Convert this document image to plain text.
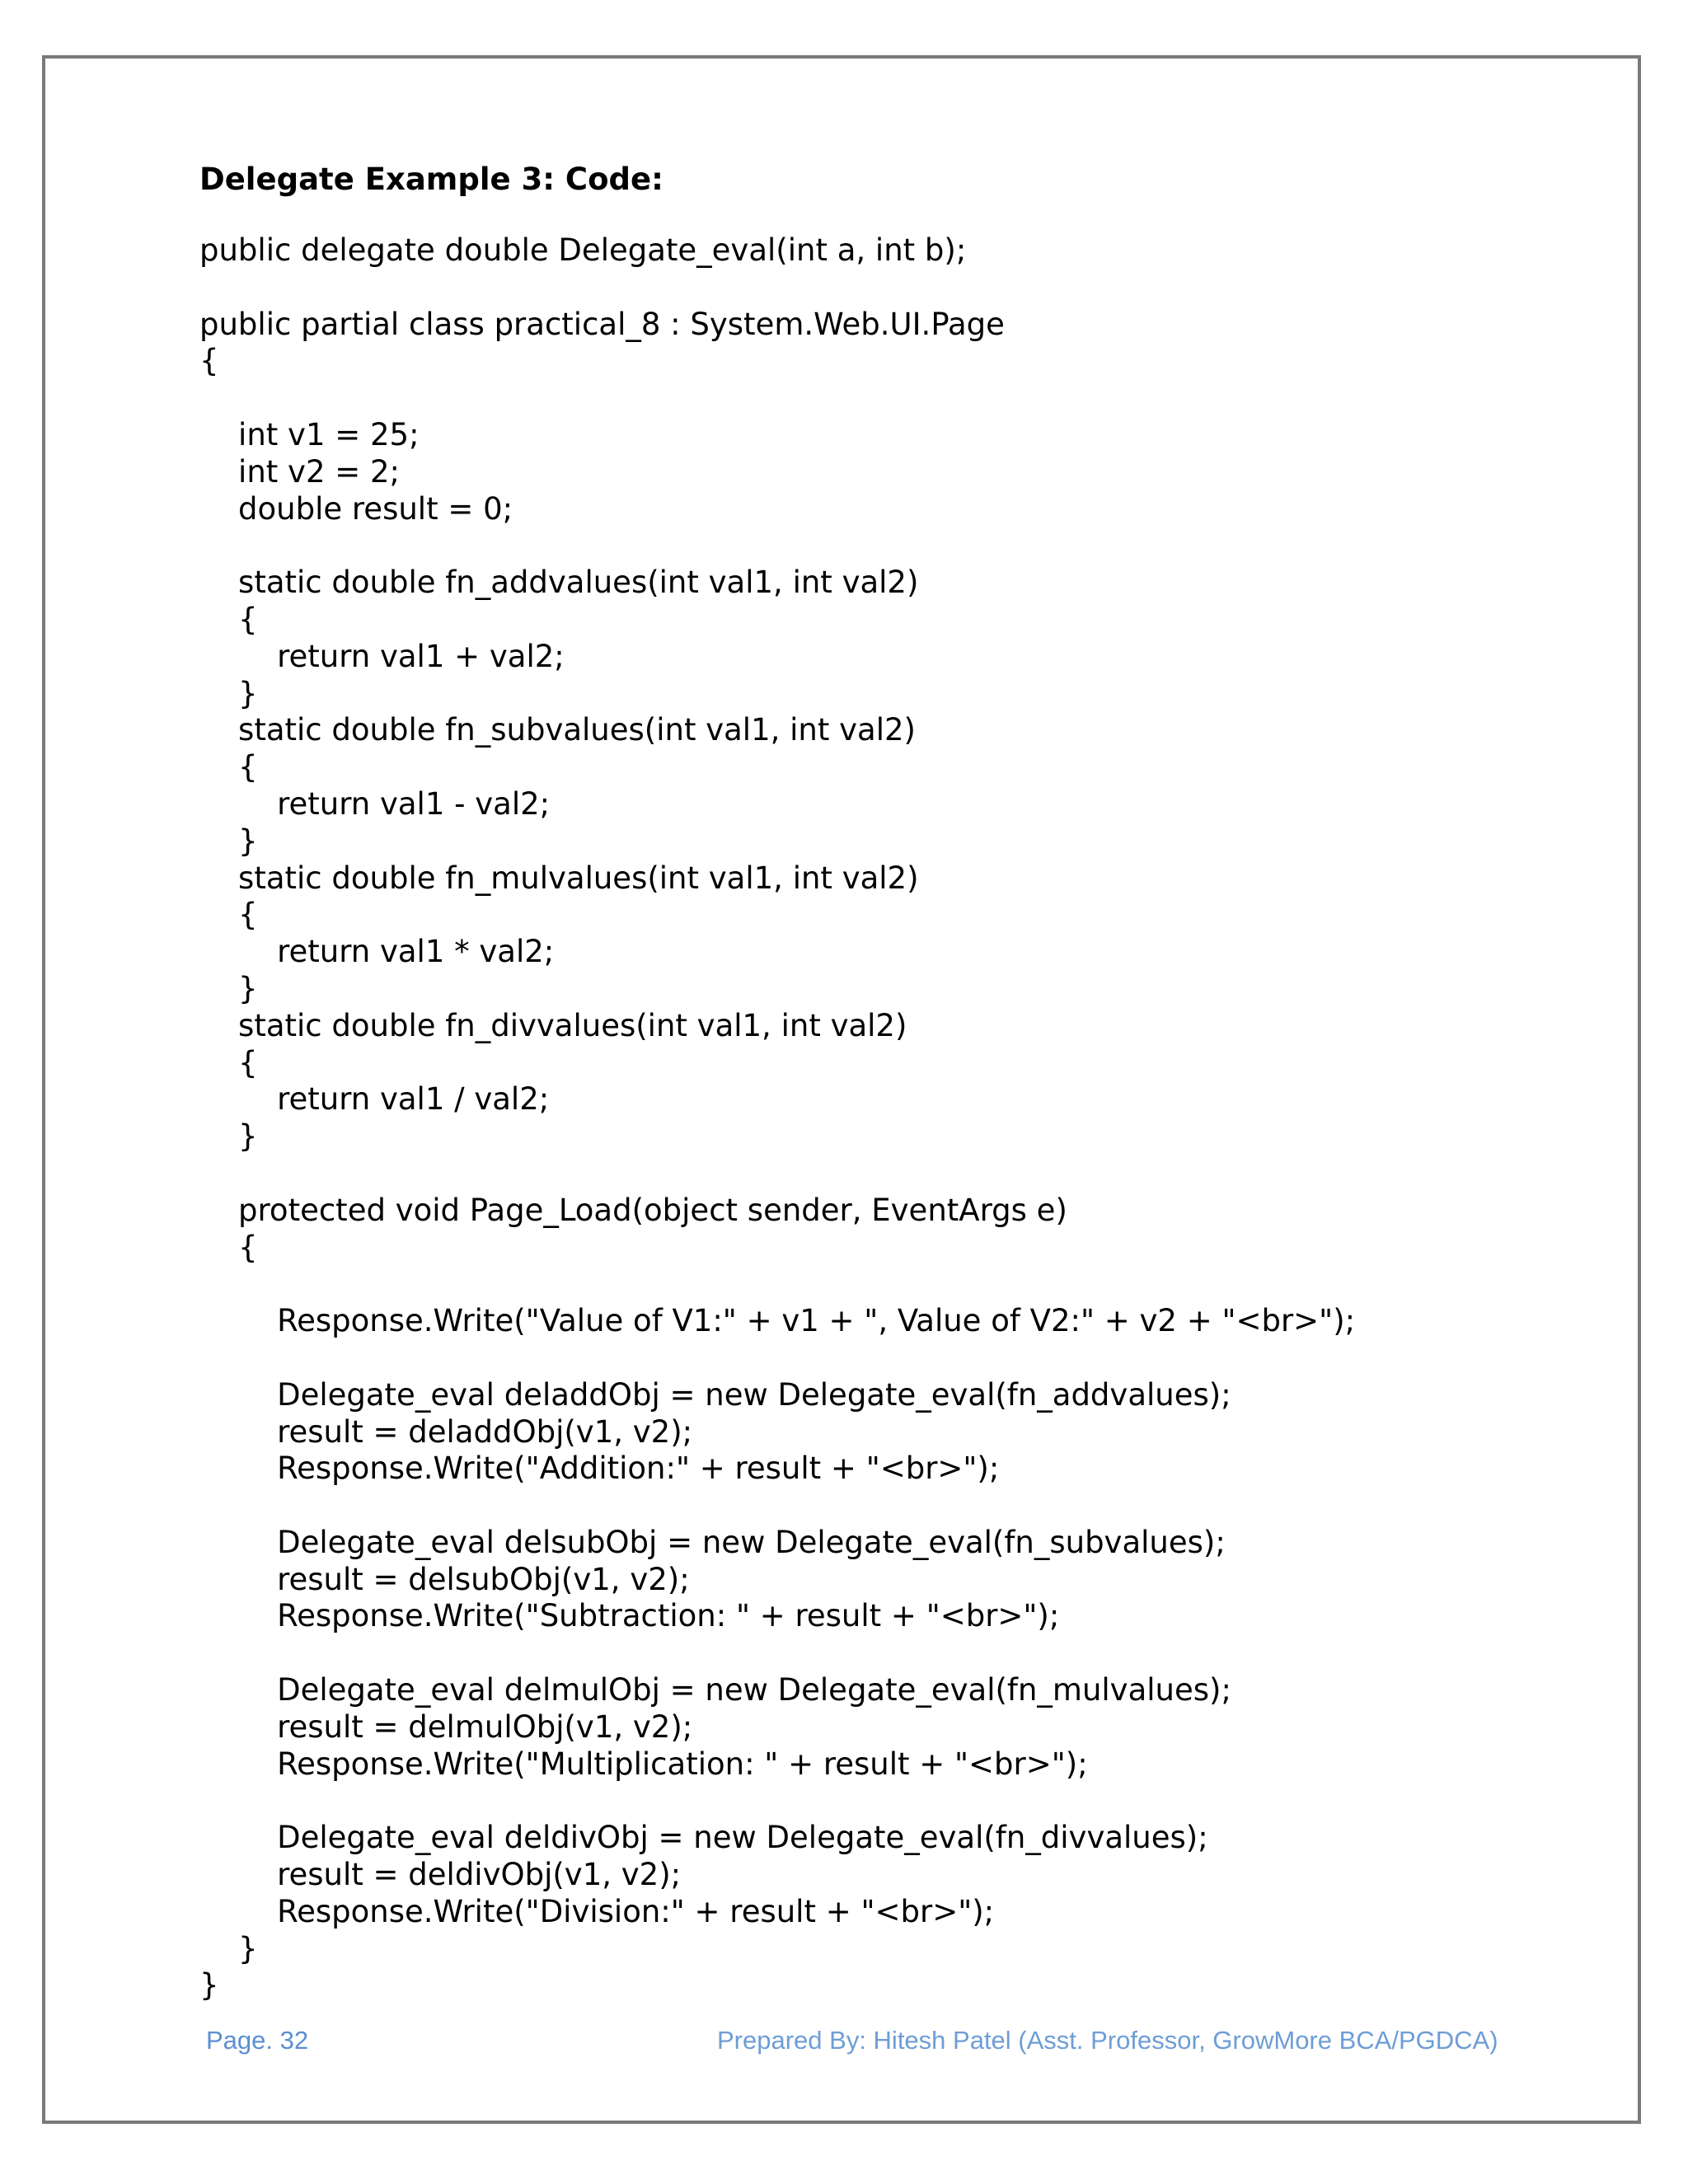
Delegate Example 3: Code:
public delegate double Delegate_eval(int a, int b);

public partial class practical_8 : System.Web.UI.Page
{

int v1 = 25;
int v2 = 2;
double result = 0;

static double fn_addvalues(int val1, int val2)
{
return val1 + val2;
}
static double fn_subvalues(int val1, int val2)
{
return val1 - val2;
}
static double fn_mulvalues(int val1, int val2)
{
return val1 * val2;
}
static double fn_divvalues(int val1, int val2)
{
return val1 / val2;
}

protected void Page_Load(object sender, EventArgs e)
{

Response.Write("Value of V1:" + v1 + ", Value of V2:" + v2 + "<br>");

Delegate_eval deladdObj = new Delegate_eval(fn_addvalues);
result = deladdObj(v1, v2);
Response.Write("Addition:" + result + "<br>");

Delegate_eval delsubObj = new Delegate_eval(fn_subvalues);
result = delsubObj(v1, v2);
Response.Write("Subtraction: " + result + "<br>");

Delegate_eval delmulObj = new Delegate_eval(fn_mulvalues);
result = delmulObj(v1, v2);
Response.Write("Multiplication: " + result + "<br>");

Delegate_eval deldivObj = new Delegate_eval(fn_divvalues);
result = deldivObj(v1, v2);
Response.Write("Division:" + result + "<br>");
}
}
Page. 32	Prepared By: Hitesh Patel (Asst. Professor, GrowMore BCA/PGDCA)
